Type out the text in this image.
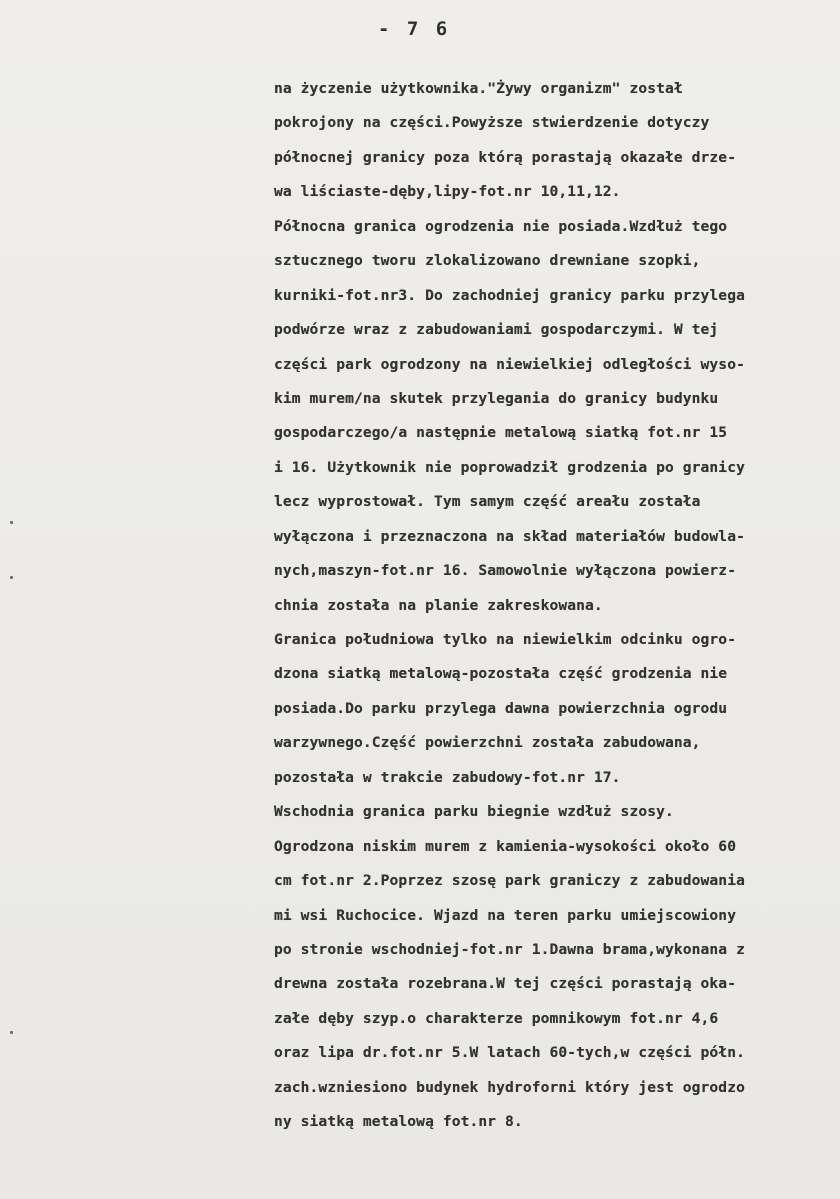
- 7 6
na życzenie użytkownika."Żywy organizm" został
pokrojony na części.Powyższe stwierdzenie dotyczy
północnej granicy poza którą porastają okazałe drze-
wa liściaste-dęby,lipy-fot.nr 10,11,12.
Północna granica ogrodzenia nie posiada.Wzdłuż tego
sztucznego tworu zlokalizowano drewniane szopki,
kurniki-fot.nr3. Do zachodniej granicy parku przylega
podwórze wraz z zabudowaniami gospodarczymi. W tej
części park ogrodzony na niewielkiej odległości wyso-
kim murem/na skutek przylegania do granicy budynku
gospodarczego/a następnie metalową siatką fot.nr 15
i 16. Użytkownik nie poprowadził grodzenia po granicy
lecz wyprostował. Tym samym część areału została
wyłączona i przeznaczona na skład materiałów budowla-
nych,maszyn-fot.nr 16. Samowolnie wyłączona powierz-
chnia została na planie zakreskowana.
Granica południowa tylko na niewielkim odcinku ogro-
dzona siatką metalową-pozostała część grodzenia nie
posiada.Do parku przylega dawna powierzchnia ogrodu
warzywnego.Część powierzchni została zabudowana,
pozostała w trakcie zabudowy-fot.nr 17.
Wschodnia granica parku biegnie wzdłuż szosy.
Ogrodzona niskim murem z kamienia-wysokości około 60
cm fot.nr 2.Poprzez szosę park graniczy z zabudowania
mi wsi Ruchocice. Wjazd na teren parku umiejscowiony
po stronie wschodniej-fot.nr 1.Dawna brama,wykonana z
drewna została rozebrana.W tej części porastają oka-
załe dęby szyp.o charakterze pomnikowym fot.nr 4,6
oraz lipa dr.fot.nr 5.W latach 60-tych,w części półn.
zach.wzniesiono budynek hydroforni który jest ogrodzo
ny siatką metalową fot.nr 8.
